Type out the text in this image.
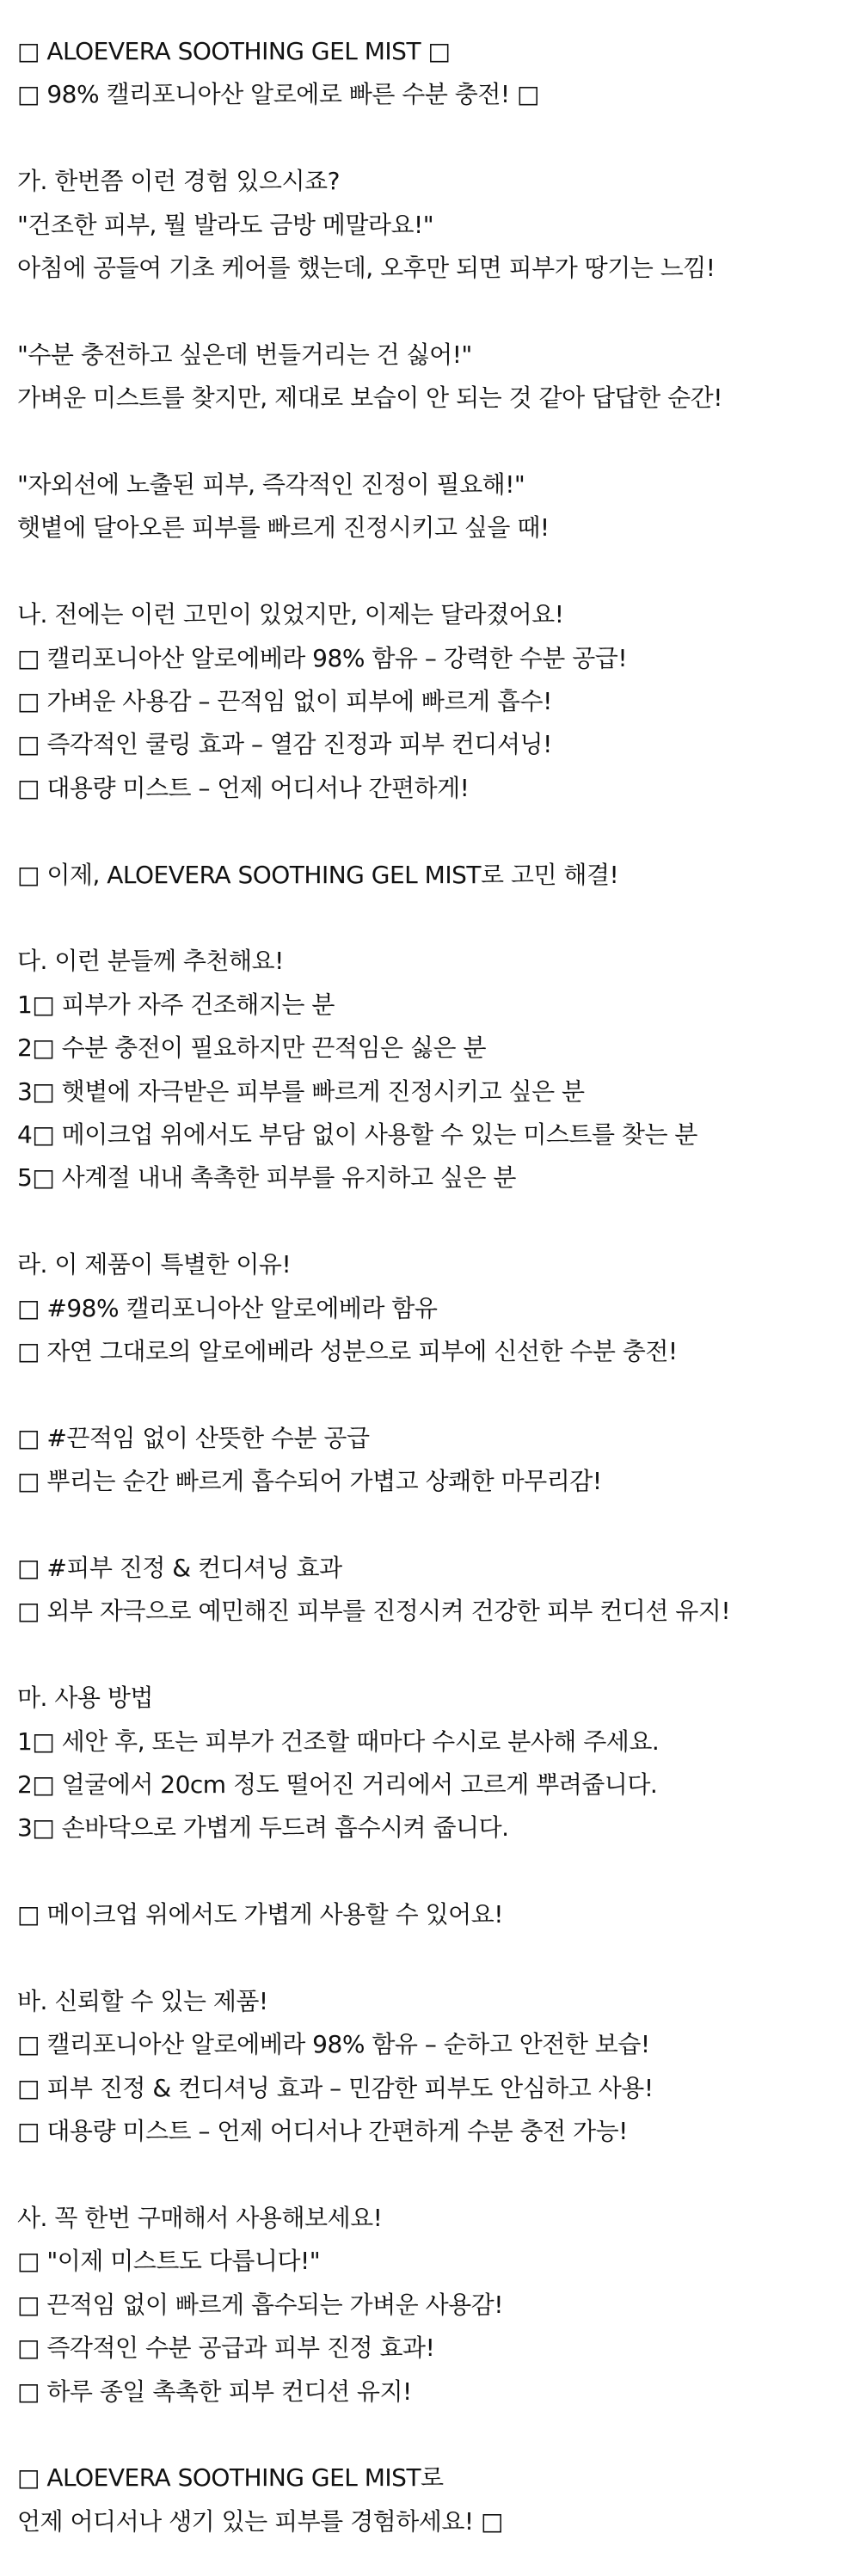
□ ALOEVERA SOOTHING GEL MIST □
□ 98% 캘리포니아산 알로에로 빠른 수분 충전! □
가. 한번쯤 이런 경험 있으시죠?
"건조한 피부, 뭘 발라도 금방 메말라요!"
아침에 공들여 기초 케어를 했는데, 오후만 되면 피부가 땅기는 느낌!
"수분 충전하고 싶은데 번들거리는 건 싫어!"
가벼운 미스트를 찾지만, 제대로 보습이 안 되는 것 같아 답답한 순간!
"자외선에 노출된 피부, 즉각적인 진정이 필요해!"
햇볕에 달아오른 피부를 빠르게 진정시키고 싶을 때!
나. 전에는 이런 고민이 있었지만, 이제는 달라졌어요!
□ 캘리포니아산 알로에베라 98% 함유 – 강력한 수분 공급!
□ 가벼운 사용감 – 끈적임 없이 피부에 빠르게 흡수!
□ 즉각적인 쿨링 효과 – 열감 진정과 피부 컨디셔닝!
□ 대용량 미스트 – 언제 어디서나 간편하게!
□ 이제, ALOEVERA SOOTHING GEL MIST로 고민 해결!
다. 이런 분들께 추천해요!
1□ 피부가 자주 건조해지는 분
2□ 수분 충전이 필요하지만 끈적임은 싫은 분
3□ 햇볕에 자극받은 피부를 빠르게 진정시키고 싶은 분
4□ 메이크업 위에서도 부담 없이 사용할 수 있는 미스트를 찾는 분
5□ 사계절 내내 촉촉한 피부를 유지하고 싶은 분
라. 이 제품이 특별한 이유!
□ #98% 캘리포니아산 알로에베라 함유
□ 자연 그대로의 알로에베라 성분으로 피부에 신선한 수분 충전!
□ #끈적임 없이 산뜻한 수분 공급
□ 뿌리는 순간 빠르게 흡수되어 가볍고 상쾌한 마무리감!
□ #피부 진정 & 컨디셔닝 효과
□ 외부 자극으로 예민해진 피부를 진정시켜 건강한 피부 컨디션 유지!
마. 사용 방법
1□ 세안 후, 또는 피부가 건조할 때마다 수시로 분사해 주세요.
2□ 얼굴에서 20cm 정도 떨어진 거리에서 고르게 뿌려줍니다.
3□ 손바닥으로 가볍게 두드려 흡수시켜 줍니다.
□ 메이크업 위에서도 가볍게 사용할 수 있어요!
바. 신뢰할 수 있는 제품!
□ 캘리포니아산 알로에베라 98% 함유 – 순하고 안전한 보습!
□ 피부 진정 & 컨디셔닝 효과 – 민감한 피부도 안심하고 사용!
□ 대용량 미스트 – 언제 어디서나 간편하게 수분 충전 가능!
사. 꼭 한번 구매해서 사용해보세요!
□ "이제 미스트도 다릅니다!"
□ 끈적임 없이 빠르게 흡수되는 가벼운 사용감!
□ 즉각적인 수분 공급과 피부 진정 효과!
□ 하루 종일 촉촉한 피부 컨디션 유지!
□ ALOEVERA SOOTHING GEL MIST로
언제 어디서나 생기 있는 피부를 경험하세요! □
